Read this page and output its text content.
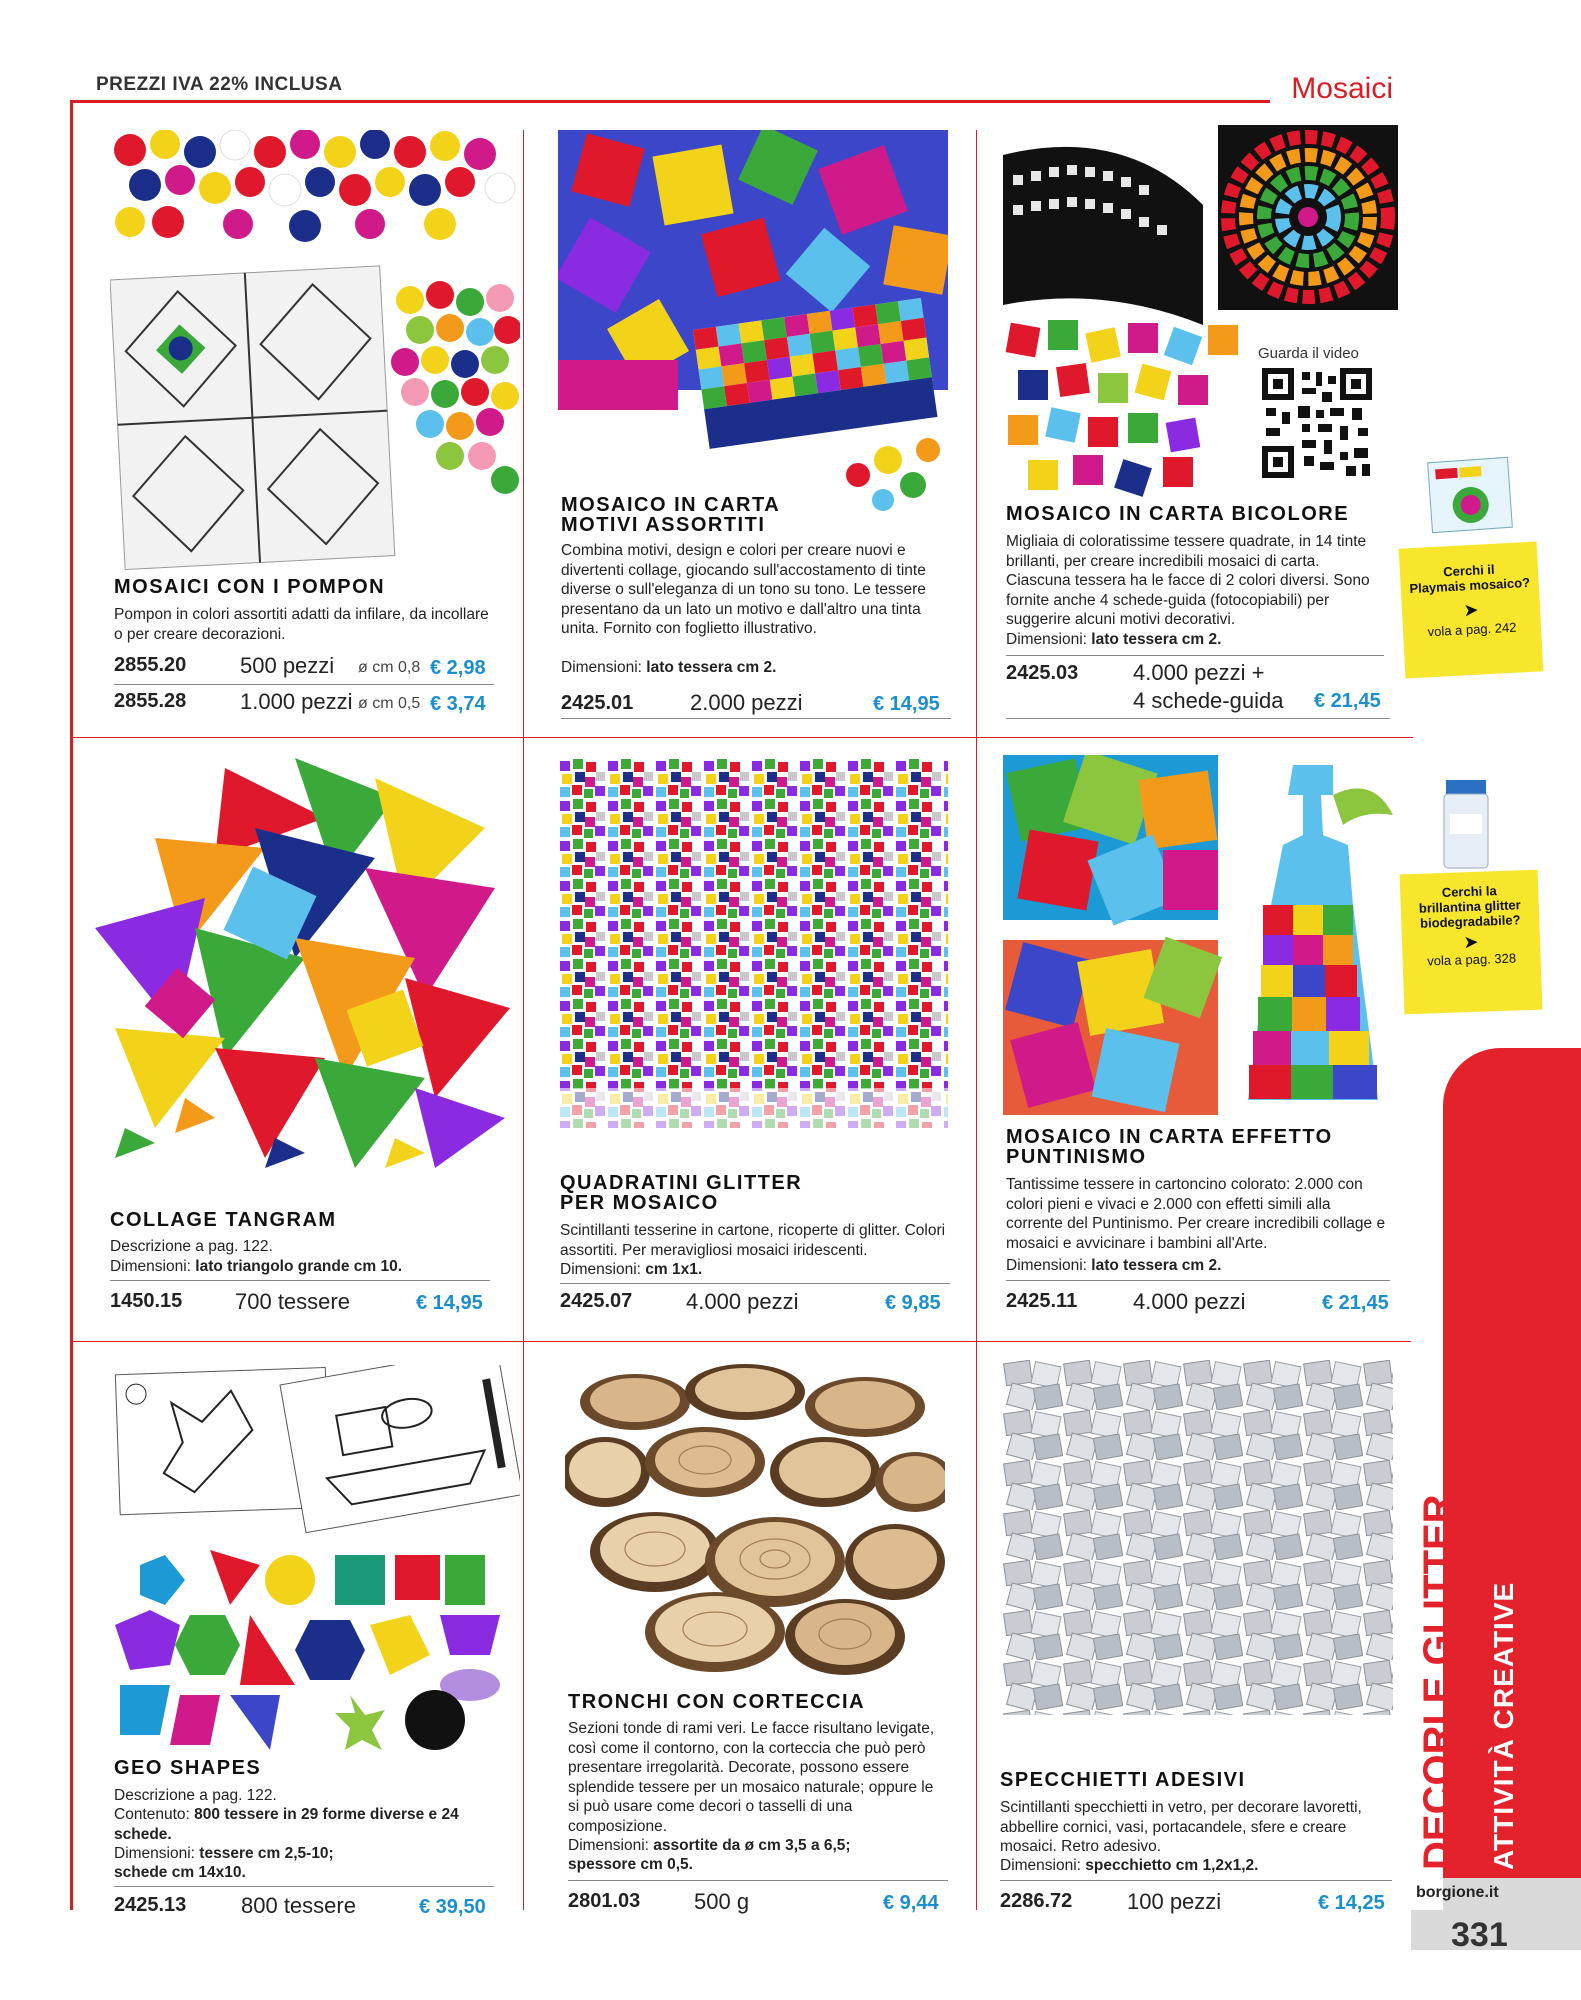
PREZZI IVA 22% INCLUSA	Mosaici
MOSAICI CON I POMPON
Pompon in colori assortiti adatti da infilare, da incollare o per creare decorazioni.
2855.20 500 pezzi ø cm 0,8 € 2,98
2855.28 1.000 pezzi ø cm 0,5 € 3,74
MOSAICO IN CARTA
MOTIVI ASSORTITI
Combina motivi, design e colori per creare nuovi e divertenti collage, giocando sull'accostamento di tinte diverse o sull'eleganza di un tono su tono. Le tessere presentano da un lato un motivo e dall'altro una tinta unita. Fornito con foglietto illustrativo.
Dimensioni: lato tessera cm 2.
2425.01	2.000 pezzi	€ 14,95
Guarda il video
MOSAICO IN CARTA BICOLORE
Migliaia di coloratissime tessere quadrate, in 14 tinte brillanti, per creare incredibili mosaici di carta. Ciascuna tessera ha le facce di 2 colori diversi. Sono fornite anche 4 schede-guida (fotocopiabili) per suggerire alcuni motivi decorativi.
Dimensioni: lato tessera cm 2.
2425.03 4.000 pezzi +
4 schede-guida € 21,45
COLLAGE TANGRAM
Descrizione a pag. 122.
Dimensioni: lato triangolo grande cm 10.
1450.15 700 tessere	€ 14,95
QUADRATINI GLITTER
PER MOSAICO
Scintillanti tesserine in cartone, ricoperte di glitter. Colori assortiti. Per meravigliosi mosaici iridescenti.
Dimensioni: cm 1x1.
2425.07 4.000 pezzi	€ 9,85
MOSAICO IN CARTA EFFETTO
PUNTINISMO
Tantissime tessere in cartoncino colorato: 2.000 con colori pieni e vivaci e 2.000 con effetti simili alla corrente del Puntinismo. Per creare incredibili collage e mosaici e avvicinare i bambini all'Arte.
Dimensioni: lato tessera cm 2.
2425.11	4.000 pezzi	€ 21,45
GEO SHAPES
Descrizione a pag. 122.
Contenuto: 800 tessere in 29 forme diverse e 24 schede.
Dimensioni: tessere cm 2,5-10;
schede cm 14x10.
2425.13 800 tessere	€ 39,50
TRONCHI CON CORTECCIA
Sezioni tonde di rami veri. Le facce risultano levigate, così come il contorno, con la corteccia che può però presentare irregolarità. Decorate, possono essere splendide tessere per un mosaico naturale; oppure le si può usare come decori o tasselli di una composizione.
Dimensioni: assortite da ø cm 3,5 a 6,5;
spessore cm 0,5.
2801.03 500 g	€ 9,44
SPECCHIETTI ADESIVI
Scintillanti specchietti in vetro, per decorare lavoretti, abbellire cornici, vasi, portacandele, sfere e creare mosaici. Retro adesivo.
Dimensioni: specchietto cm 1,2x1,2.
2286.72 100 pezzi	€ 14,25
Cerchi il
Playmais mosaico?
➤
vola a pag. 242
Cerchi la
brillantina glitter
biodegradabile?
➤
vola a pag. 328
DECORI E GLITTER ATTIVITÀ CREATIVE
borgione.it
331
